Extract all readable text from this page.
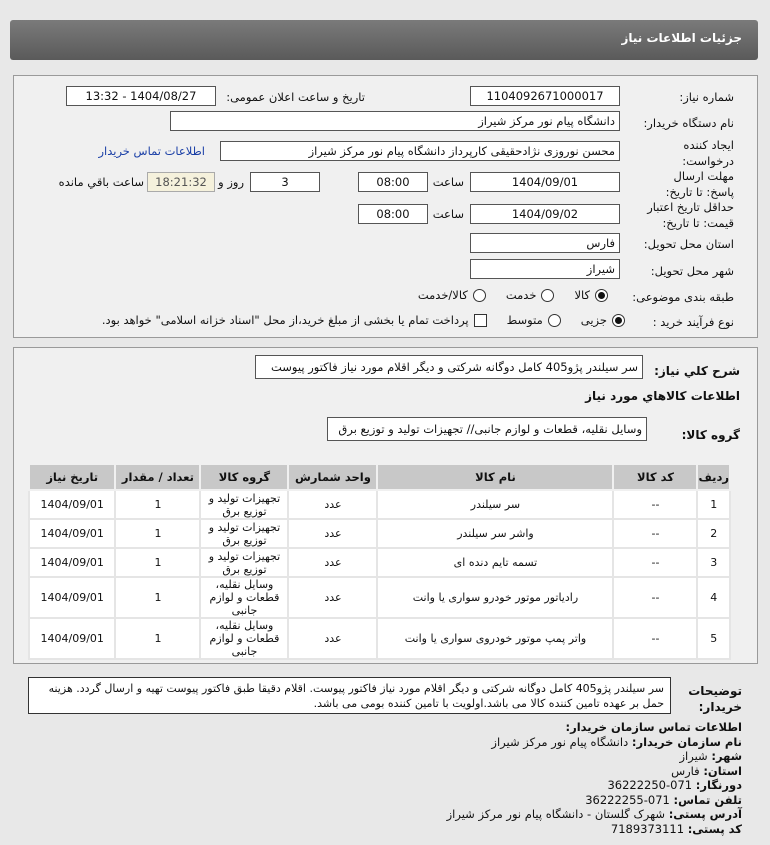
جزئیات اطلاعات نیاز
شماره نیاز:
1104092671000017
تاریخ و ساعت اعلان عمومی:
1404/08/27 - 13:32
نام دستگاه خریدار:
دانشگاه پیام نور مرکز شیراز
ایجاد کننده درخواست:
محسن نوروزی نژادحقیقی کارپرداز دانشگاه پیام نور مرکز شیراز
اطلاعات تماس خریدار
مهلت ارسال پاسخ: تا تاریخ:
1404/09/01
ساعت
08:00
3
روز و
18:21:32
ساعت باقي مانده
حداقل تاریخ اعتبار قیمت: تا تاریخ:
1404/09/02
ساعت
08:00
استان محل تحویل:
فارس
شهر محل تحویل:
شیراز
طبقه بندی موضوعی:
کالا
خدمت
کالا/خدمت
نوع فرآیند خرید :
جزیی
متوسط
پرداخت تمام یا بخشی از مبلغ خرید،از محل "اسناد خزانه اسلامی" خواهد بود.
شرح کلي نیاز:
سر سیلندر پژو405 کامل دوگانه شرکتی و دیگر اقلام مورد نیاز فاکتور پیوست
اطلاعات کالاهاي مورد نیاز
گروه کالا:
وسایل نقلیه، قطعات و لوازم جانبی// تجهیزات تولید و توزیع برق
ردیف	کد کالا	نام کالا	واحد شمارش	گروه کالا	تعداد / مقدار	تاریخ نیاز
1	--	سر سیلندر	عدد	تجهیزات تولید و توزیع برق	1	1404/09/01
2	--	واشر سر سیلندر	عدد	تجهیزات تولید و توزیع برق	1	1404/09/01
3	--	تسمه تایم دنده ای	عدد	تجهیزات تولید و توزیع برق	1	1404/09/01
4	--	رادیاتور موتور خودرو سواری یا وانت	عدد	وسایل نقلیه، قطعات و لوازم جانبی	1	1404/09/01
5	--	واتر پمپ موتور خودروی سواری یا وانت	عدد	وسایل نقلیه، قطعات و لوازم جانبی	1	1404/09/01
توضیحات خریدار:
سر سیلندر پژو405 کامل دوگانه شرکتی و دیگر اقلام مورد نیاز فاکتور پیوست. اقلام دقیقا طبق فاکتور پیوست تهیه و ارسال گردد. هزینه حمل بر عهده تامین کننده کالا می باشد.اولویت با تامین کننده بومی می باشد.
اطلاعات تماس سازمان خریدار:
نام سازمان خریدار: دانشگاه پیام نور مرکز شیراز
شهر: شیراز
استان: فارس
دورنگار: 071-36222250
تلفن تماس: 071-36222255
آدرس پستی: شهرک گلستان - دانشگاه پیام نور مرکز شیراز
کد پستی: 7189373111
